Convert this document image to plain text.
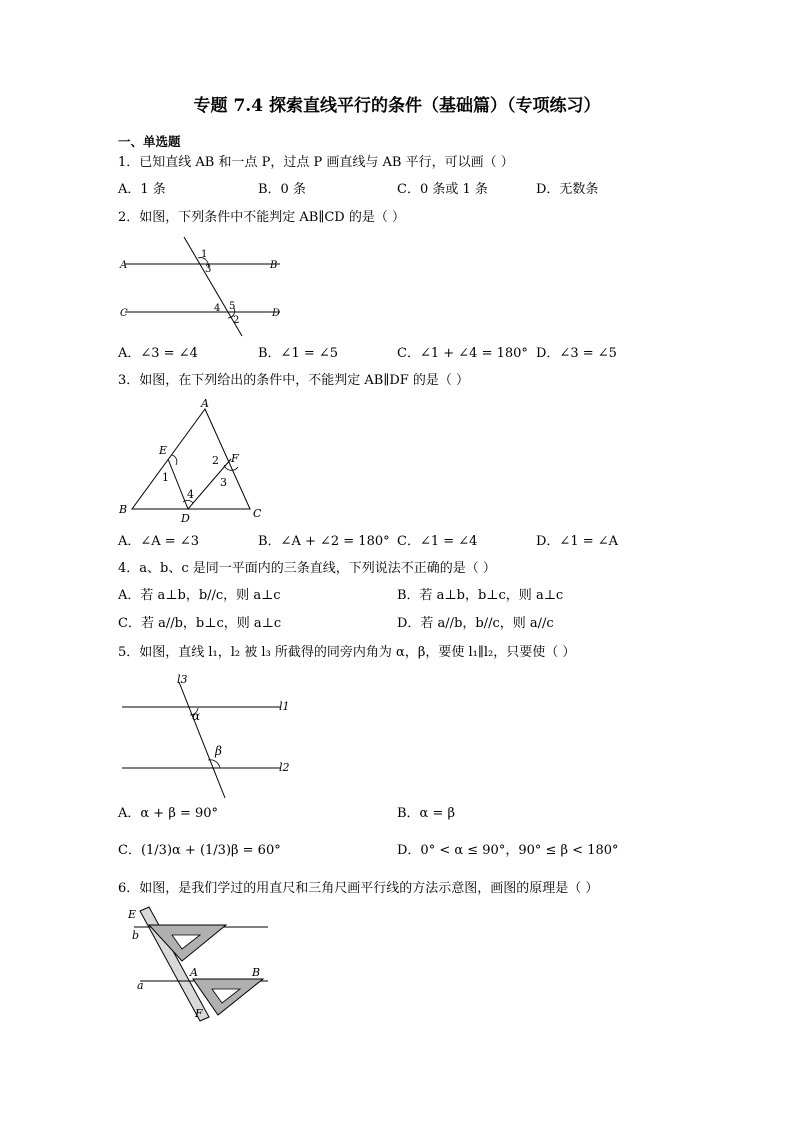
专题 7.4 探索直线平行的条件（基础篇）（专项练习）
一、单选题
1．已知直线 AB 和一点 P，过点 P 画直线与 AB 平行，可以画（ ）
A．1 条	B．0 条	C．0 条或 1 条	D．无数条
2．如图，下列条件中不能判定 AB∥CD 的是（ ）
A	B
C	D
1
3
4 5
2
A．∠3 = ∠4	B．∠1 = ∠5	C．∠1 + ∠4 = 180° D．∠3 = ∠5
3．如图，在下列给出的条件中，不能判定 AB∥DF 的是（ ）
A
E
F
2
1
4
3
B
D	C
A．∠A = ∠3	B．∠A + ∠2 = 180° C．∠1 = ∠4	D．∠1 = ∠A
4．a、b、c 是同一平面内的三条直线，下列说法不正确的是（ ）
A．若 a⊥b，b//c，则 a⊥c	B．若 a⊥b，b⊥c，则 a⊥c
C．若 a//b，b⊥c，则 a⊥c	D．若 a//b，b//c，则 a//c
5．如图，直线 l₁，l₂ 被 l₃ 所截得的同旁内角为 α，β，要使 l₁∥l₂，只要使（ ）
l3
α
l1
β
l2
A．α + β = 90°	B．α = β
C．(1/3)α + (1/3)β = 60°	D．0° < α ≤ 90°，90° ≤ β < 180°
6．如图，是我们学过的用直尺和三角尺画平行线的方法示意图，画图的原理是（ ）
E
b
A	B
a
F
